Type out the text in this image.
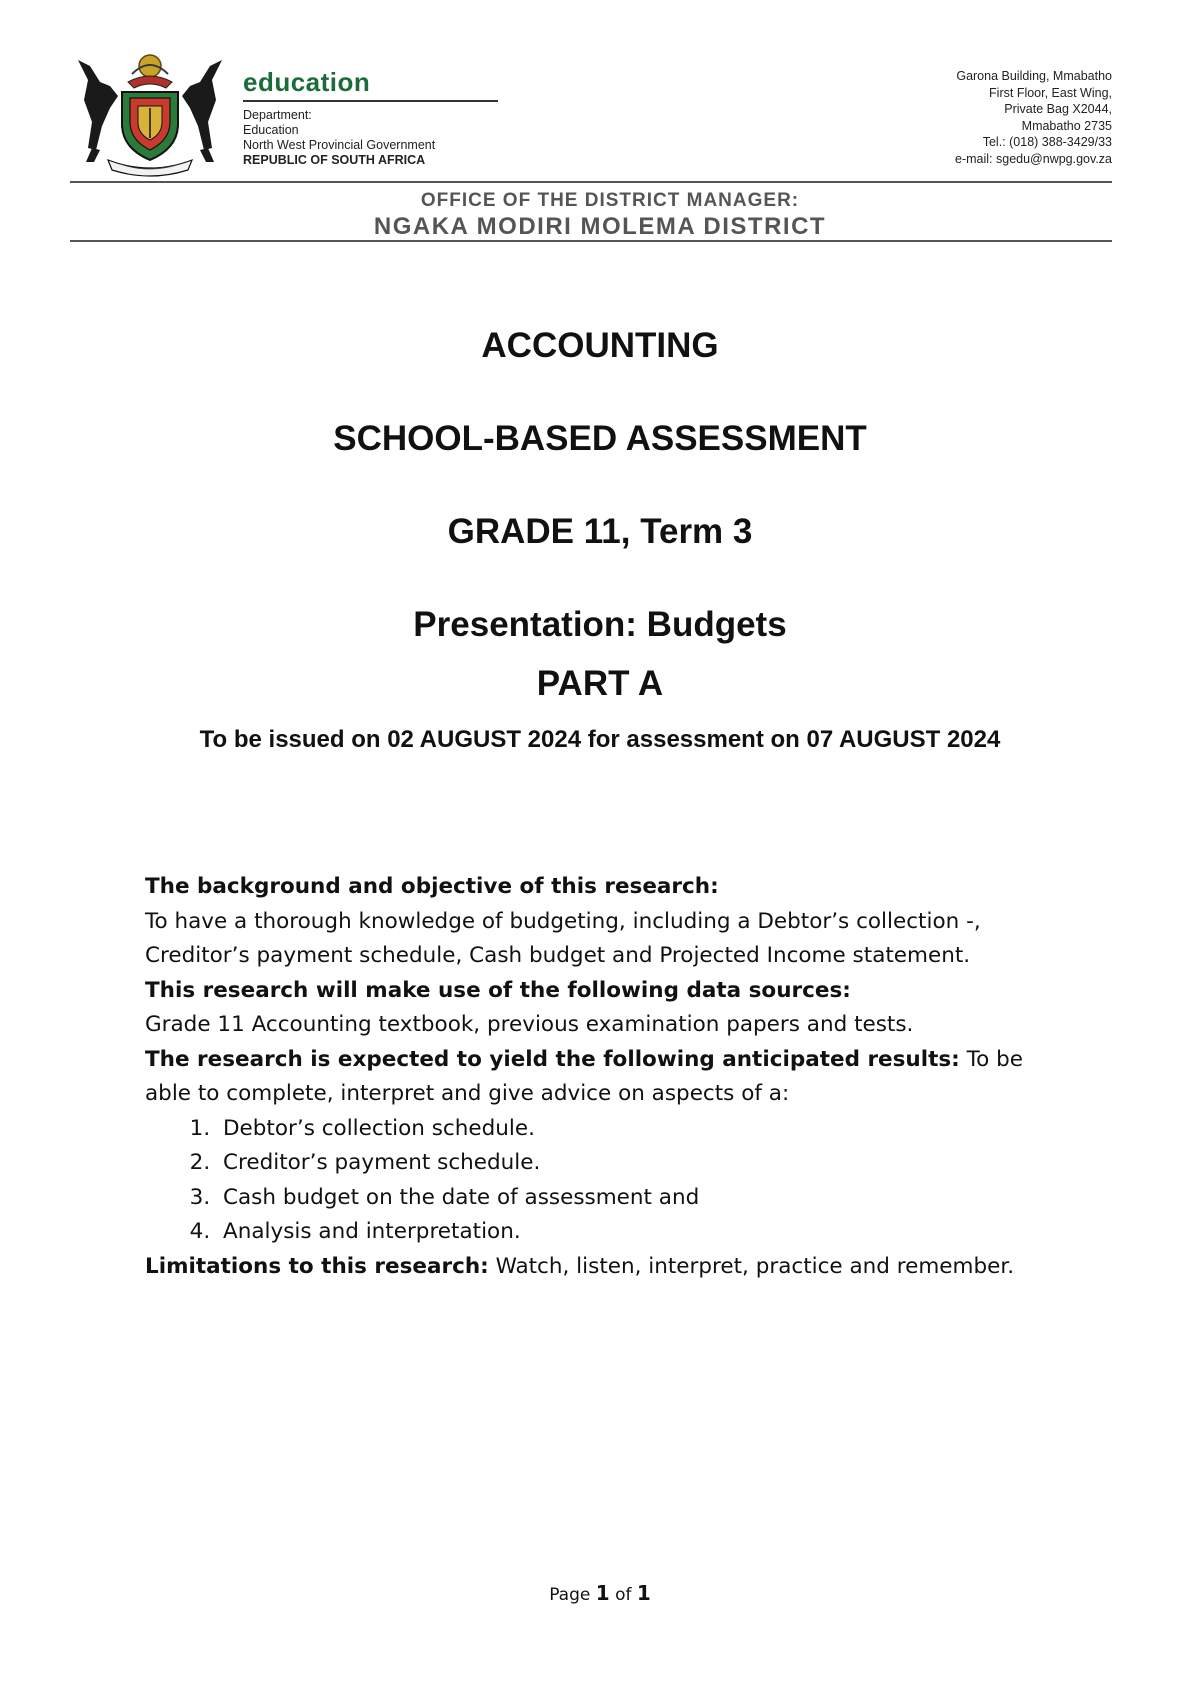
education
Department:
Education
North West Provincial Government
REPUBLIC OF SOUTH AFRICA
Garona Building, Mmabatho
First Floor, East Wing,
Private Bag X2044,
Mmabatho 2735
Tel.: (018) 388-3429/33
e-mail: sgedu@nwpg.gov.za
OFFICE OF THE DISTRICT MANAGER:
NGAKA MODIRI MOLEMA DISTRICT
ACCOUNTING
SCHOOL-BASED ASSESSMENT
GRADE 11, Term 3
Presentation: Budgets
PART A
To be issued on 02 AUGUST 2024 for assessment on 07 AUGUST 2024

The background and objective of this research:

To have a thorough knowledge of budgeting, including a Debtor’s collection -, Creditor’s payment schedule, Cash budget and Projected Income statement.

This research will make use of the following data sources:

Grade 11 Accounting textbook, previous examination papers and tests.

The research is expected to yield the following anticipated results: To be able to complete, interpret and give advice on aspects of a:

1. Debtor’s collection schedule.
2. Creditor’s payment schedule.
3. Cash budget on the date of assessment and
4. Analysis and interpretation.

Limitations to this research: Watch, listen, interpret, practice and remember.

Page 1 of 1
